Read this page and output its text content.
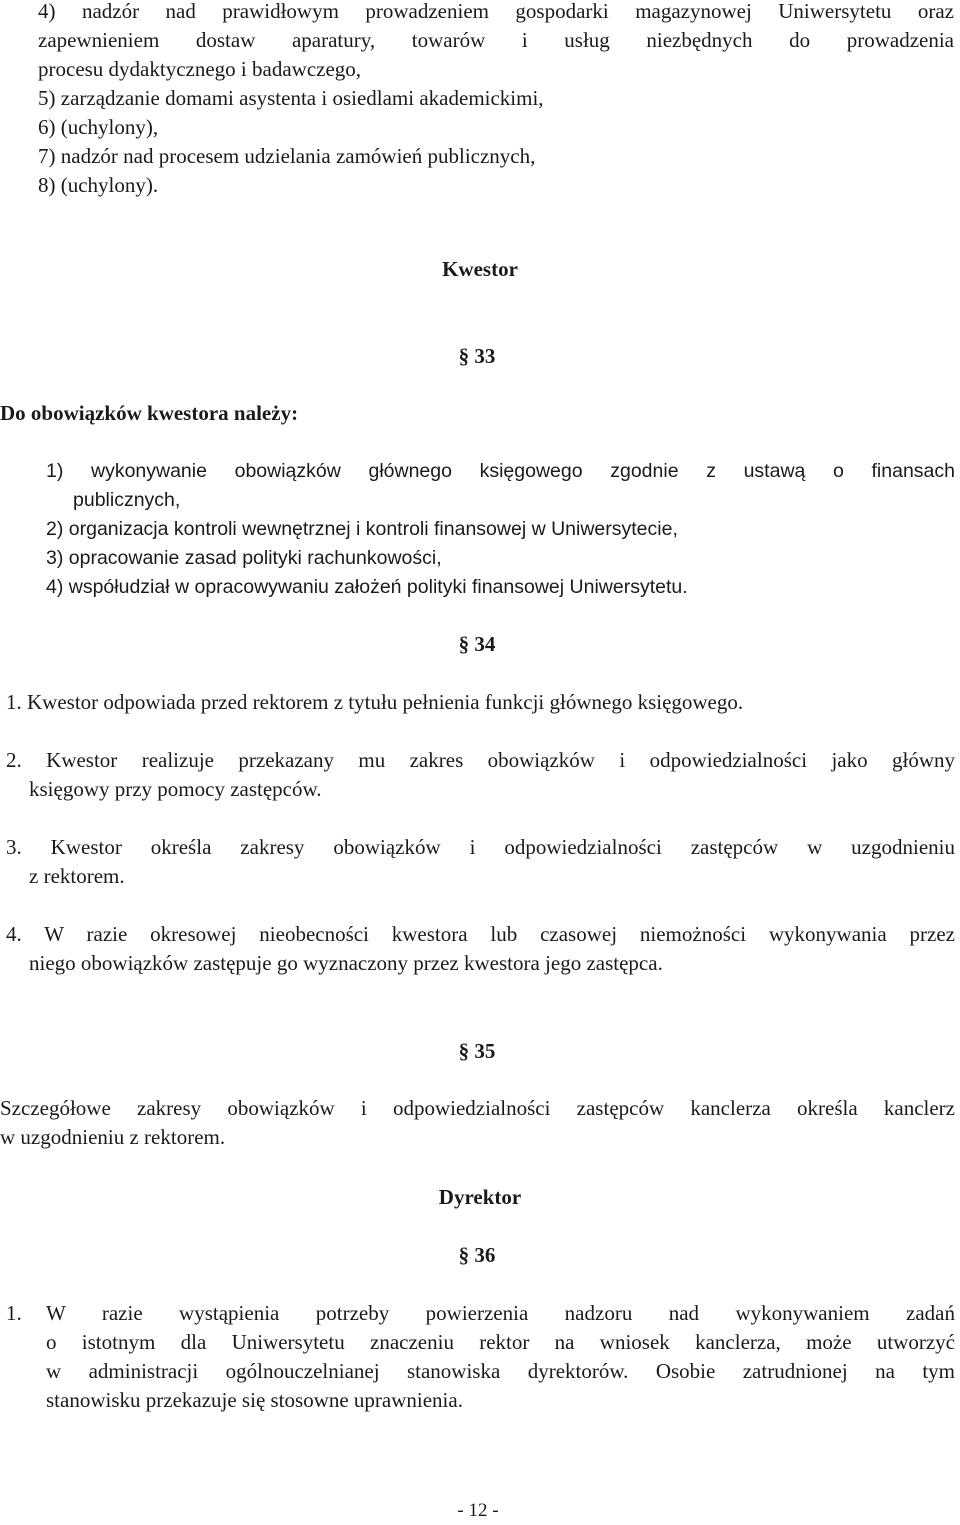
4) nadzór nad prawidłowym prowadzeniem gospodarki magazynowej Uniwersytetu oraz
zapewnieniem dostaw aparatury, towarów i usług niezbędnych do prowadzenia
procesu dydaktycznego i badawczego,
5) zarządzanie domami asystenta i osiedlami akademickimi,
6) (uchylony),
7) nadzór nad procesem udzielania zamówień publicznych,
8) (uchylony).
Kwestor
§ 33
Do obowiązków kwestora należy:
1) wykonywanie obowiązków głównego księgowego zgodnie z ustawą o finansach
publicznych,
2) organizacja kontroli wewnętrznej i kontroli finansowej w Uniwersytecie,
3) opracowanie zasad polityki rachunkowości,
4) współudział w opracowywaniu założeń polityki finansowej Uniwersytetu.
§ 34
1. Kwestor odpowiada przed rektorem z tytułu pełnienia funkcji głównego księgowego.
2. Kwestor realizuje przekazany mu zakres obowiązków i odpowiedzialności jako główny
księgowy przy pomocy zastępców.
3. Kwestor określa zakresy obowiązków i odpowiedzialności zastępców w uzgodnieniu
z rektorem.
4. W razie okresowej nieobecności kwestora lub czasowej niemożności wykonywania przez
niego obowiązków zastępuje go wyznaczony przez kwestora jego zastępca.
§ 35
Szczegółowe zakresy obowiązków i odpowiedzialności zastępców kanclerza określa kanclerz
w uzgodnieniu z rektorem.
Dyrektor
§ 36
1. W razie wystąpienia potrzeby powierzenia nadzoru nad wykonywaniem zadań
o istotnym dla Uniwersytetu znaczeniu rektor na wniosek kanclerza, może utworzyć
w administracji ogólnouczelnianej stanowiska dyrektorów. Osobie zatrudnionej na tym
stanowisku przekazuje się stosowne uprawnienia.
- 12 -
